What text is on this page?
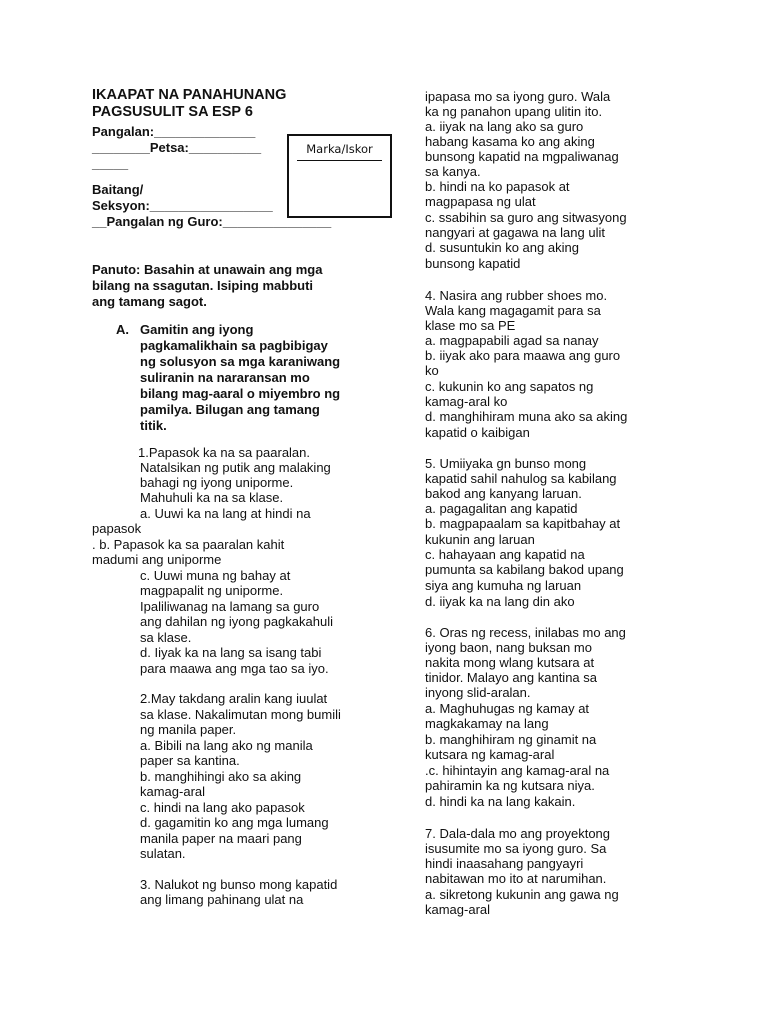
IKAAPAT NA PANAHUNANG
PAGSUSULIT SA ESP 6
Pangalan:______________
________Petsa:__________
_____
Baitang/
Seksyon:_________________
__Pangalan ng Guro:_______________
Marka/Iskor
Panuto: Basahin at unawain ang mga
bilang na ssagutan. Isiping mabbuti
ang tamang sagot.
A. Gamitin ang iyong
pagkamalikhain sa pagbibigay
ng solusyon sa mga karaniwang
suliranin na nararansan mo
bilang mag-aaral o miyembro ng
pamilya. Bilugan ang tamang
titik.
1.Papasok ka na sa paaralan.
Natalsikan ng putik ang malaking
bahagi ng iyong uniporme.
Mahuhuli ka na sa klase.
a. Uuwi ka na lang at hindi na
papasok
. b. Papasok ka sa paaralan kahit
madumi ang uniporme
c. Uuwi muna ng bahay at
magpapalit ng uniporme.
Ipaliliwanag na lamang sa guro
ang dahilan ng iyong pagkakahuli
sa klase.
d. Iiyak ka na lang sa isang tabi
para maawa ang mga tao sa iyo.
2.May takdang aralin kang iuulat
sa klase. Nakalimutan mong bumili
ng manila paper.
a. Bibili na lang ako ng manila
paper sa kantina.
b. manghihingi ako sa aking
kamag-aral
c. hindi na lang ako papasok
d. gagamitin ko ang mga lumang
manila paper na maari pang
sulatan.
3. Nalukot ng bunso mong kapatid
ang limang pahinang ulat na
ipapasa mo sa iyong guro. Wala
ka ng panahon upang ulitin ito.
a. iiyak na lang ako sa guro
habang kasama ko ang aking
bunsong kapatid na mgpaliwanag
sa kanya.
b. hindi na ko papasok at
magpapasa ng ulat
c. ssabihin sa guro ang sitwasyong
nangyari at gagawa na lang ulit
d. susuntukin ko ang aking
bunsong kapatid
4. Nasira ang rubber shoes mo.
Wala kang magagamit para sa
klase mo sa PE
a. magpapabili agad sa nanay
b. iiyak ako para maawa ang guro
ko
c. kukunin ko ang sapatos ng
kamag-aral ko
d. manghihiram muna ako sa aking
kapatid o kaibigan
5. Umiiyaka gn bunso mong
kapatid sahil nahulog sa kabilang
bakod ang kanyang laruan.
a. pagagalitan ang kapatid
b. magpapaalam sa kapitbahay at
kukunin ang laruan
c. hahayaan ang kapatid na
pumunta sa kabilang bakod upang
siya ang kumuha ng laruan
d. iiyak ka na lang din ako
6. Oras ng recess, inilabas mo ang
iyong baon, nang buksan mo
nakita mong wlang kutsara at
tinidor. Malayo ang kantina sa
inyong slid-aralan.
a. Maghuhugas ng kamay at
magkakamay na lang
b. manghihiram ng ginamit na
kutsara ng kamag-aral
.c. hihintayin ang kamag-aral na
pahiramin ka ng kutsara niya.
d. hindi ka na lang kakain.
7. Dala-dala mo ang proyektong
isusumite mo sa iyong guro. Sa
hindi inaasahang pangyayri
nabitawan mo ito at narumihan.
a. sikretong kukunin ang gawa ng
kamag-aral
